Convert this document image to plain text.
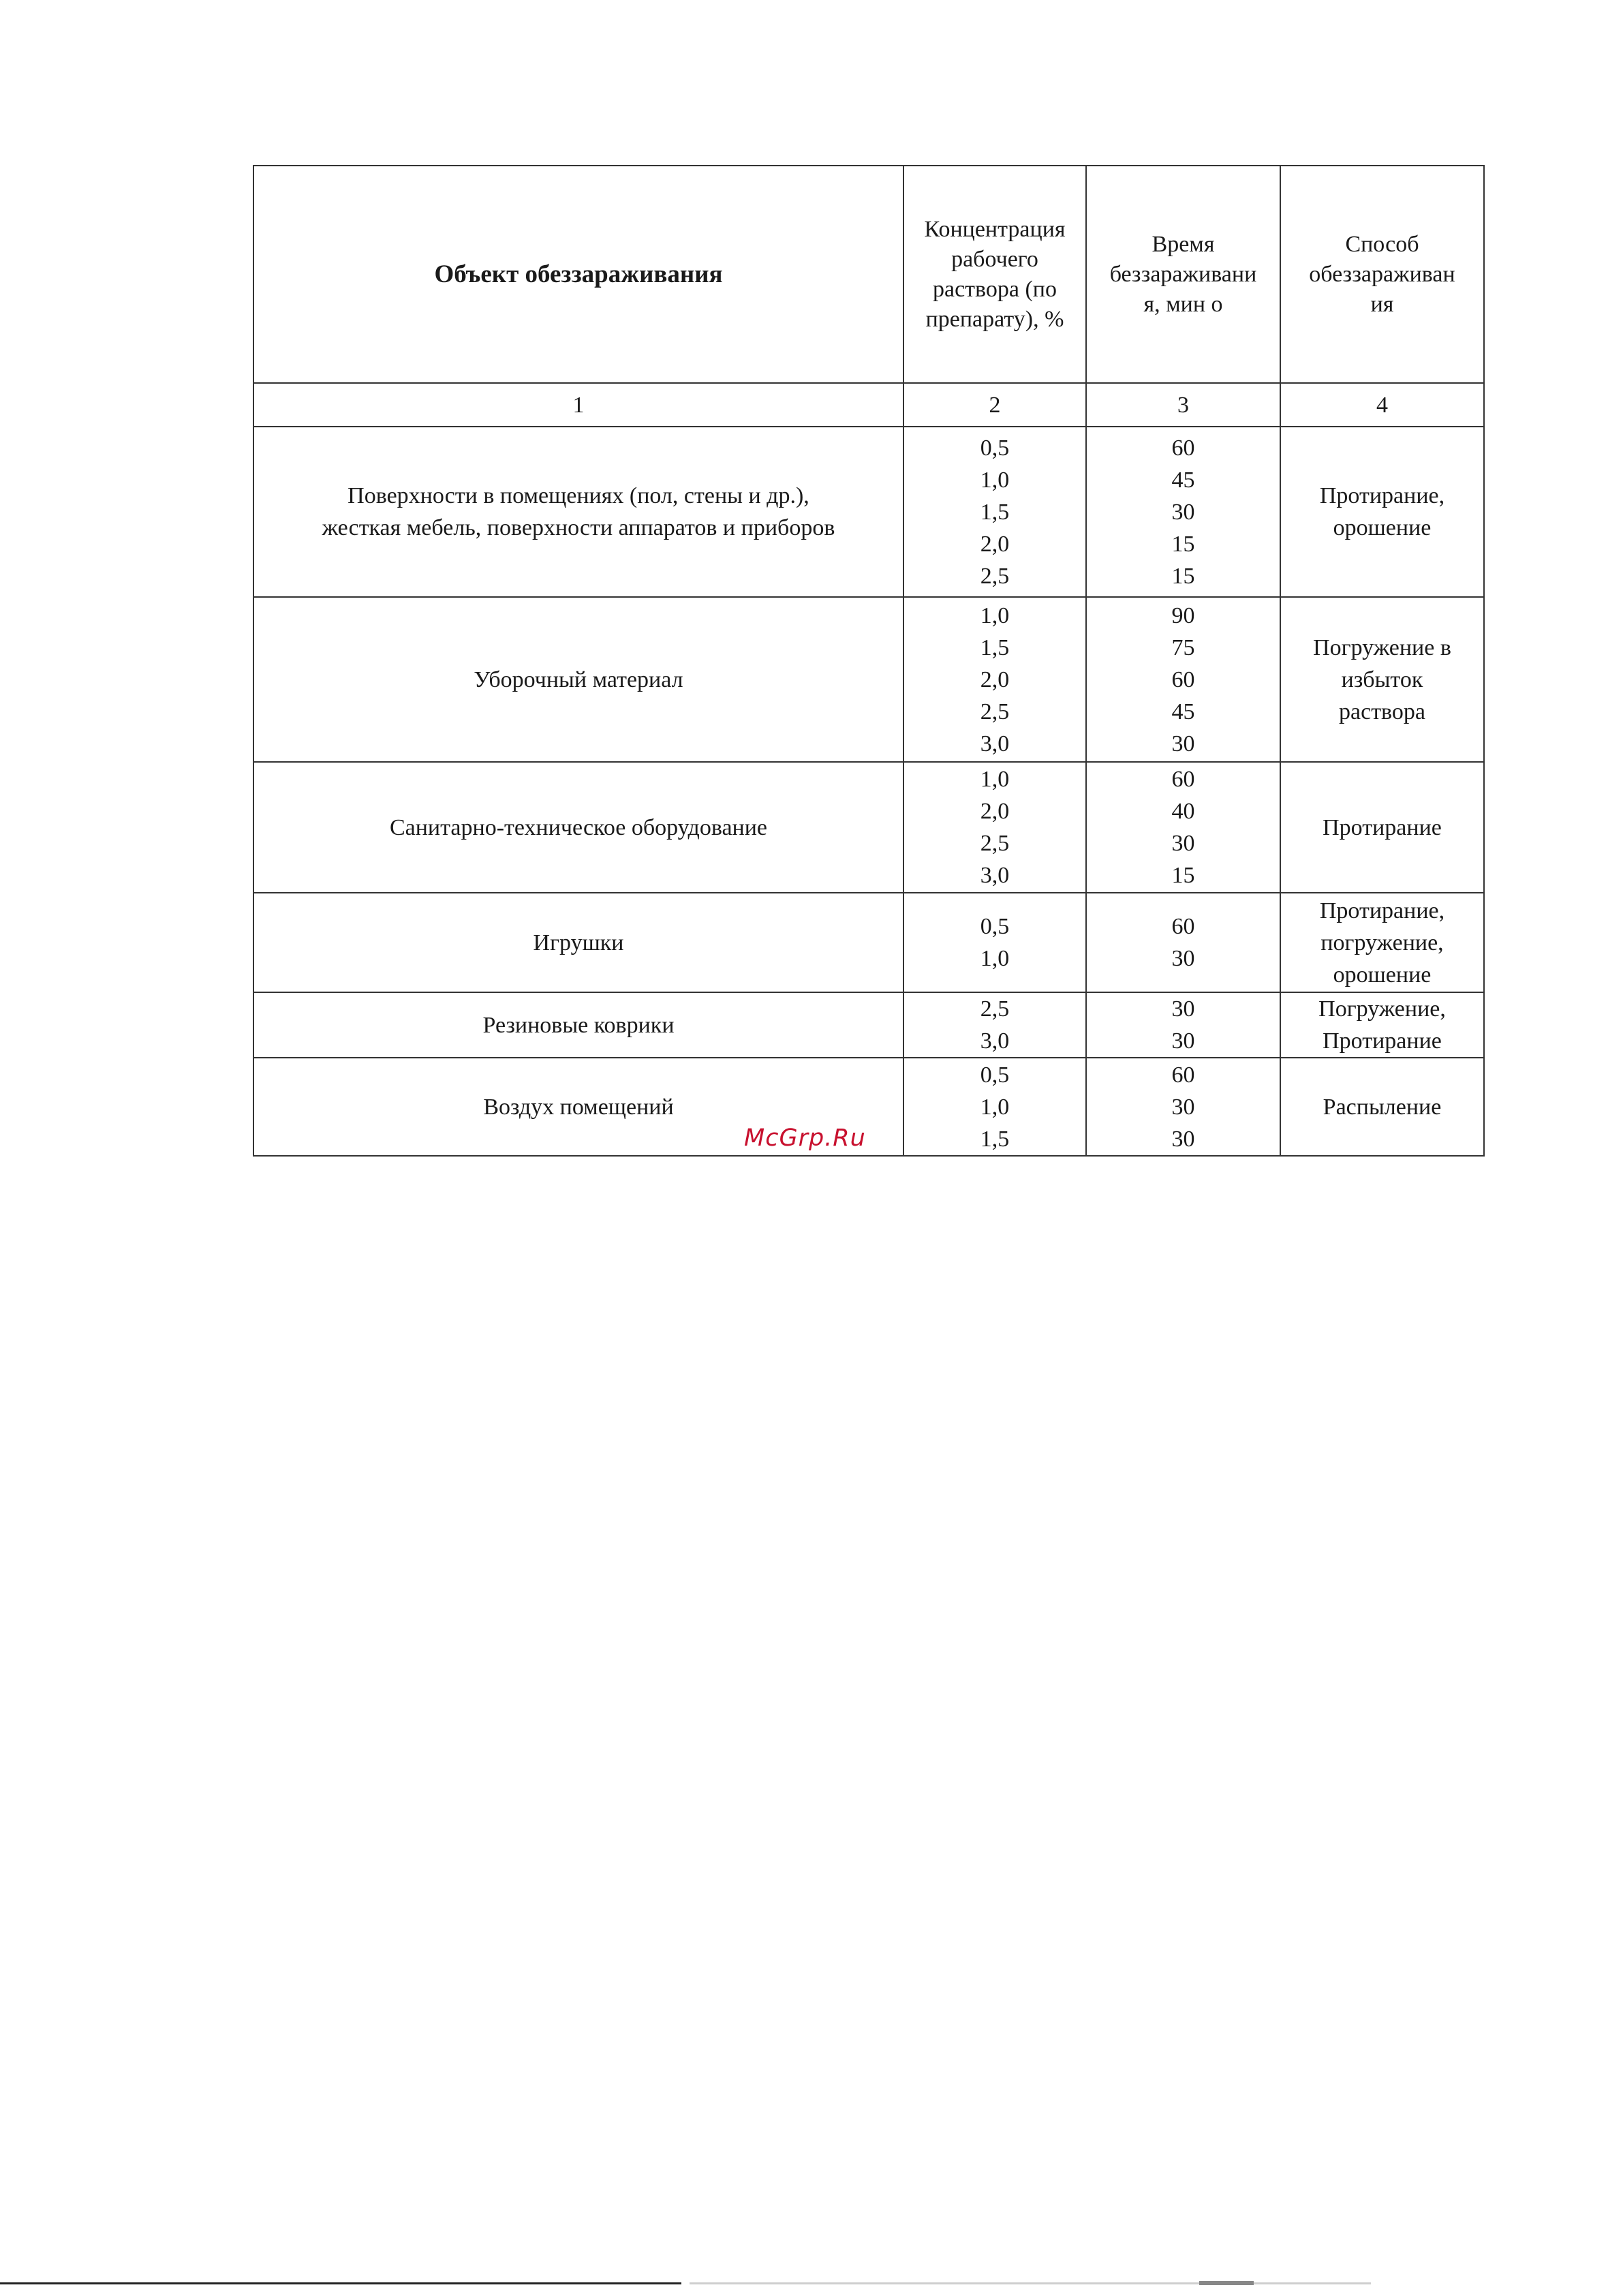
Объект обеззараживания	Концентрация
рабочего
раствора (по
препарату), %	Время
беззараживани
я, мин о	Способ
обеззараживан
ия

1	2	3	4

Поверхности в помещениях (пол, стены и др.),
жесткая мебель, поверхности аппаратов и приборов	0,5
1,0
1,5
2,0
2,5	60
45
30
15
15	Протирание,
орошение

Уборочный материал	1,0
1,5
2,0
2,5
3,0	90
75
60
45
30	Погружение в
избыток
раствора

Санитарно-техническое оборудование	1,0
2,0
2,5
3,0	60
40
30
15	Протирание

Игрушки	0,5
1,0	60
30	Протирание,
погружение,
орошение

Резиновые коврики	2,5
3,0	30
30	Погружение,
Протирание

Воздух помещений	0,5
1,0
1,5	60
30
30	Распыление
McGrp.Ru
